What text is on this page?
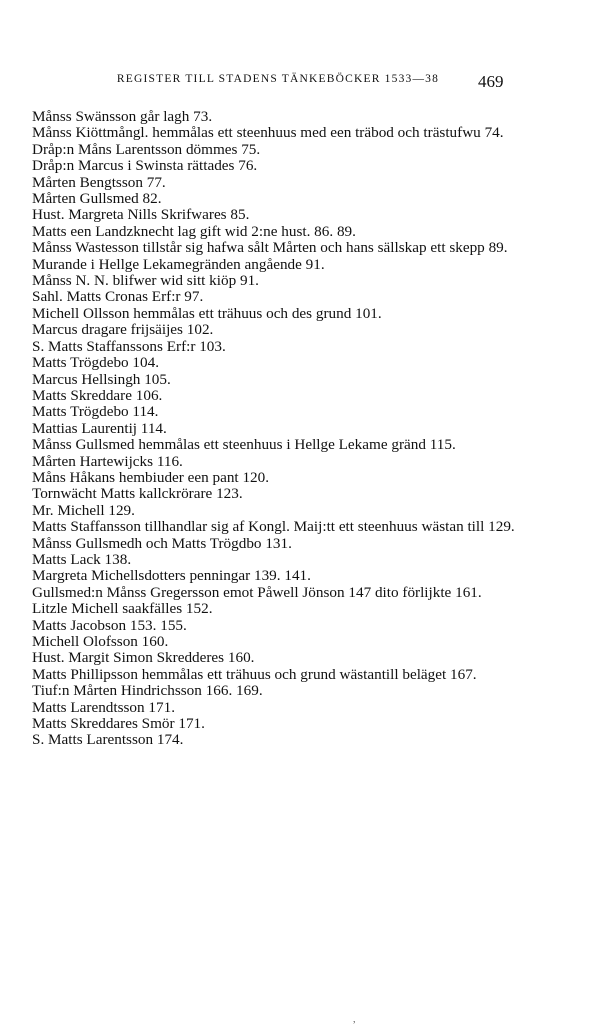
REGISTER TILL STADENS TÄNKEBÖCKER 1533—38	469
Månss Swänsson går lagh 73.
Månss Kiöttmångl. hemmålas ett steenhuus med een träbod och trästufwu 74.
Dråp:n Måns Larentsson dömmes 75.
Dråp:n Marcus i Swinsta rättades 76.
Mårten Bengtsson 77.
Mårten Gullsmed 82.
Hust. Margreta Nills Skrifwares 85.
Matts een Landzknecht lag gift wid 2:ne hust. 86. 89.
Månss Wastesson tillstår sig hafwa sålt Mårten och hans sällskap ett skepp 89.
Murande i Hellge Lekamegränden angående 91.
Månss N. N. blifwer wid sitt kiöp 91.
Sahl. Matts Cronas Erf:r 97.
Michell Ollsson hemmålas ett trähuus och des grund 101.
Marcus dragare frijsäijes 102.
S. Matts Staffanssons Erf:r 103.
Matts Trögdebo 104.
Marcus Hellsingh 105.
Matts Skreddare 106.
Matts Trögdebo 114.
Mattias Laurentij 114.
Månss Gullsmed hemmålas ett steenhuus i Hellge Lekame gränd 115.
Mårten Hartewijcks 116.
Måns Håkans hembiuder een pant 120.
Tornwächt Matts kallckrörare 123.
Mr. Michell 129.
Matts Staffansson tillhandlar sig af Kongl. Maij:tt ett steenhuus wästan till 129.
Månss Gullsmedh och Matts Trögdbo 131.
Matts Lack 138.
Margreta Michellsdotters penningar 139. 141.
Gullsmed:n Månss Gregersson emot Påwell Jönson 147 dito förlijkte 161.
Litzle Michell saakfälles 152.
Matts Jacobson 153. 155.
Michell Olofsson 160.
Hust. Margit Simon Skredderes 160.
Matts Phillipsson hemmålas ett trähuus och grund wästantill beläget 167.
Tiuf:n Mårten Hindrichsson 166. 169.
Matts Larendtsson 171.
Matts Skreddares Smör 171.
S. Matts Larentsson 174.
,
